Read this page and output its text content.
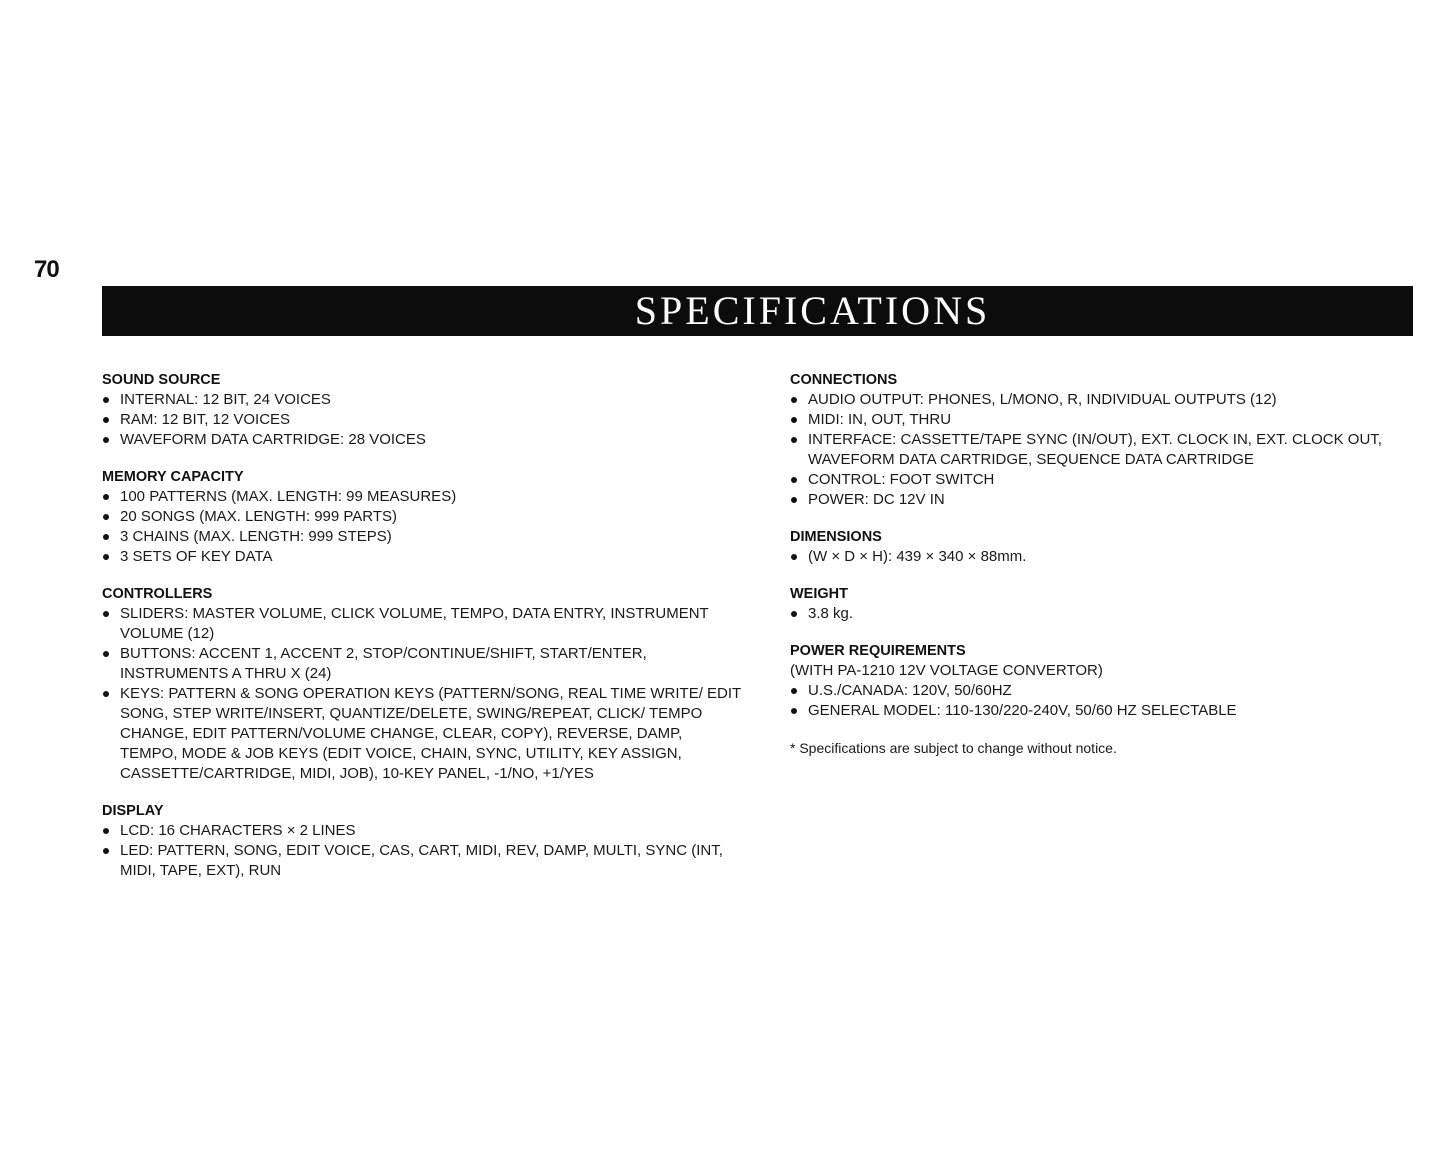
70
SPECIFICATIONS
SOUND SOURCE
INTERNAL: 12 BIT, 24 VOICES
RAM: 12 BIT, 12 VOICES
WAVEFORM DATA CARTRIDGE: 28 VOICES
MEMORY CAPACITY
100 PATTERNS (MAX. LENGTH: 99 MEASURES)
20 SONGS (MAX. LENGTH: 999 PARTS)
3 CHAINS (MAX. LENGTH: 999 STEPS)
3 SETS OF KEY DATA
CONTROLLERS
SLIDERS: MASTER VOLUME, CLICK VOLUME, TEMPO, DATA ENTRY, INSTRUMENT VOLUME (12)
BUTTONS: ACCENT 1, ACCENT 2, STOP/CONTINUE/SHIFT, START/ENTER, INSTRUMENTS A THRU X (24)
KEYS: PATTERN & SONG OPERATION KEYS (PATTERN/SONG, REAL TIME WRITE/ EDIT SONG, STEP WRITE/INSERT, QUANTIZE/DELETE, SWING/REPEAT, CLICK/ TEMPO CHANGE, EDIT PATTERN/VOLUME CHANGE, CLEAR, COPY), REVERSE, DAMP, TEMPO, MODE & JOB KEYS (EDIT VOICE, CHAIN, SYNC, UTILITY, KEY ASSIGN, CASSETTE/CARTRIDGE, MIDI, JOB), 10-KEY PANEL, -1/NO, +1/YES
DISPLAY
LCD: 16 CHARACTERS × 2 LINES
LED: PATTERN, SONG, EDIT VOICE, CAS, CART, MIDI, REV, DAMP, MULTI, SYNC (INT, MIDI, TAPE, EXT), RUN
CONNECTIONS
AUDIO OUTPUT: PHONES, L/MONO, R, INDIVIDUAL OUTPUTS (12)
MIDI: IN, OUT, THRU
INTERFACE: CASSETTE/TAPE SYNC (IN/OUT), EXT. CLOCK IN, EXT. CLOCK OUT, WAVEFORM DATA CARTRIDGE, SEQUENCE DATA CARTRIDGE
CONTROL: FOOT SWITCH
POWER: DC 12V IN
DIMENSIONS
(W × D × H): 439 × 340 × 88mm.
WEIGHT
3.8 kg.
POWER REQUIREMENTS
(WITH PA-1210 12V VOLTAGE CONVERTOR)
U.S./CANADA: 120V, 50/60HZ
GENERAL MODEL: 110-130/220-240V, 50/60 HZ SELECTABLE
* Specifications are subject to change without notice.
